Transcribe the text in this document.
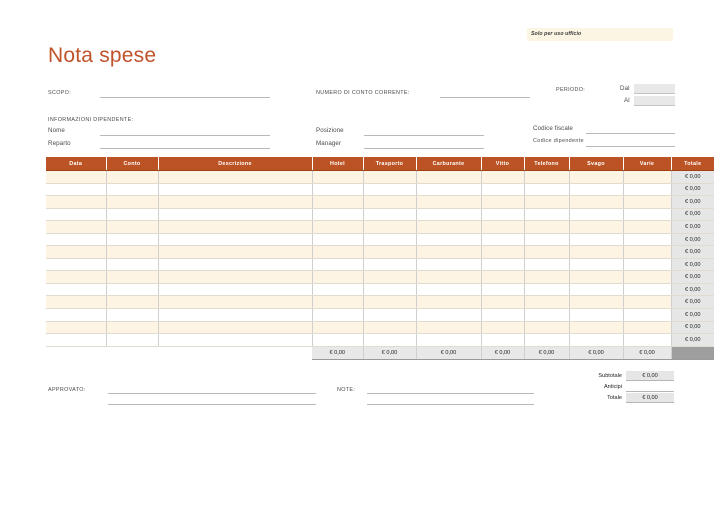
Solo per uso ufficio
Nota spese
SCOPO:	NUMERO DI CONTO CORRENTE:	PERIODO:	Dal
Al
INFORMAZIONI DIPENDENTE:
Nome
Reparto
Posizione
Manager
Codice fiscale
Codice dipendente
Data	Conto	Descrizione	Hotel	Trasporto	Carburante	Vitto	Telefono	Svago	Varie	Totale
										€ 0,00
										€ 0,00
										€ 0,00
										€ 0,00
										€ 0,00
										€ 0,00
										€ 0,00
										€ 0,00
										€ 0,00
										€ 0,00
										€ 0,00
										€ 0,00
										€ 0,00
										€ 0,00
			€ 0,00	€ 0,00	€ 0,00	€ 0,00	€ 0,00	€ 0,00	€ 0,00	
Subtotale	€ 0,00
Anticipi
Totale	€ 0,00
APPROVATO:	NOTE:
